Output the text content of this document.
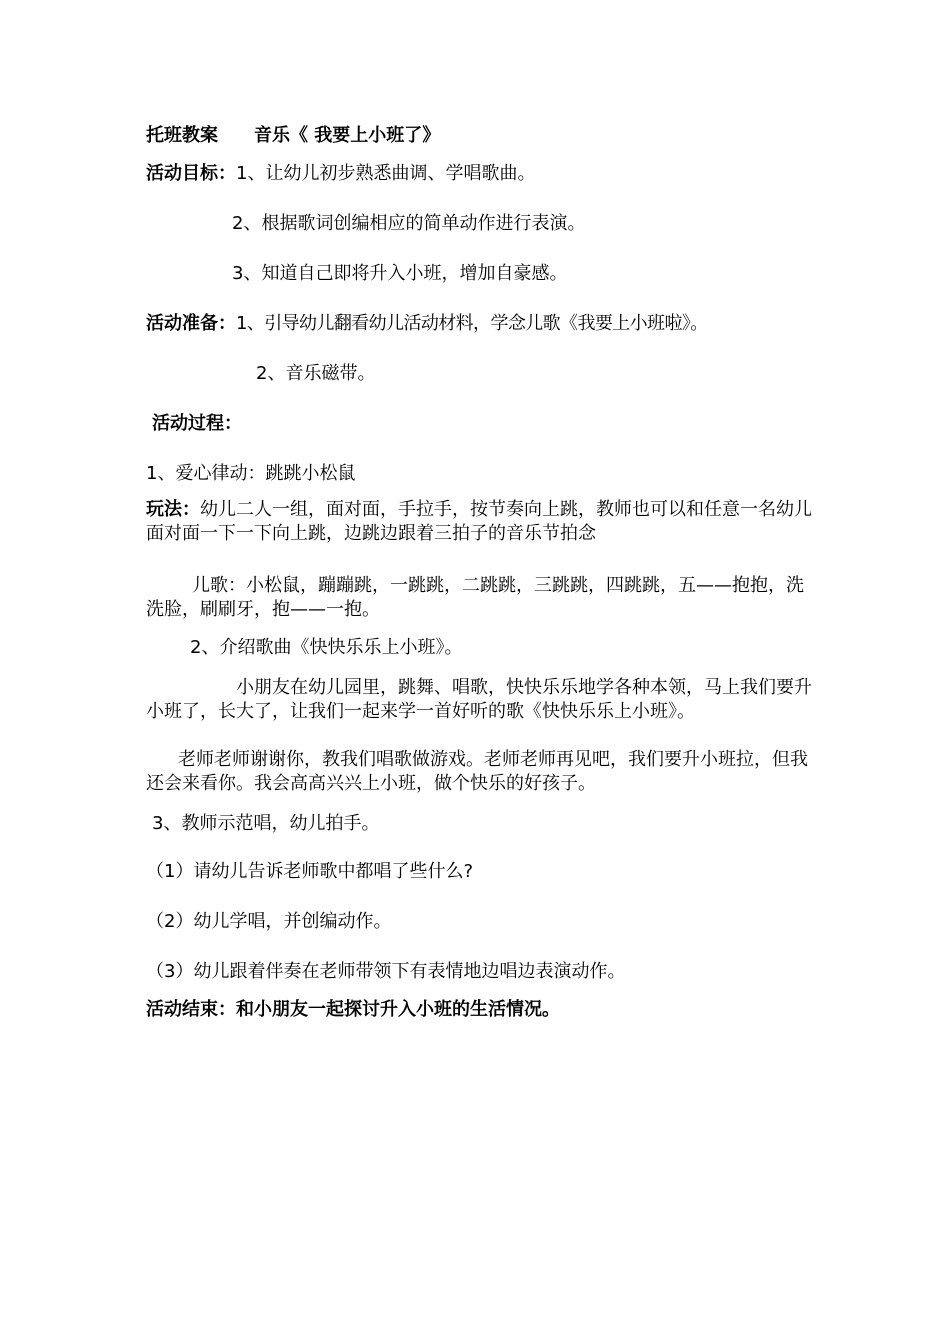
托班教案 音乐《 我要上小班了》
活动目标：1、让幼儿初步熟悉曲调、学唱歌曲。
2、根据歌词创编相应的简单动作进行表演。
3、知道自己即将升入小班，增加自豪感。
活动准备：1、引导幼儿翻看幼儿活动材料，学念儿歌《我要上小班啦》。
2、音乐磁带。
活动过程：
1、爱心律动：跳跳小松鼠
玩法：幼儿二人一组，面对面，手拉手，按节奏向上跳，教师也可以和任意一名幼儿面对面一下一下向上跳，边跳边跟着三拍子的音乐节拍念
儿歌：小松鼠，蹦蹦跳，一跳跳，二跳跳，三跳跳，四跳跳，五——抱抱，洗洗脸，刷刷牙，抱——一抱。
2、介绍歌曲《快快乐乐上小班》。
小朋友在幼儿园里，跳舞、唱歌，快快乐乐地学各种本领，马上我们要升小班了，长大了，让我们一起来学一首好听的歌《快快乐乐上小班》。
老师老师谢谢你，教我们唱歌做游戏。老师老师再见吧，我们要升小班拉，但我还会来看你。我会高高兴兴上小班，做个快乐的好孩子。
3、教师示范唱，幼儿拍手。
（1）请幼儿告诉老师歌中都唱了些什么?
（2）幼儿学唱，并创编动作。
（3）幼儿跟着伴奏在老师带领下有表情地边唱边表演动作。
活动结束：和小朋友一起探讨升入小班的生活情况。
